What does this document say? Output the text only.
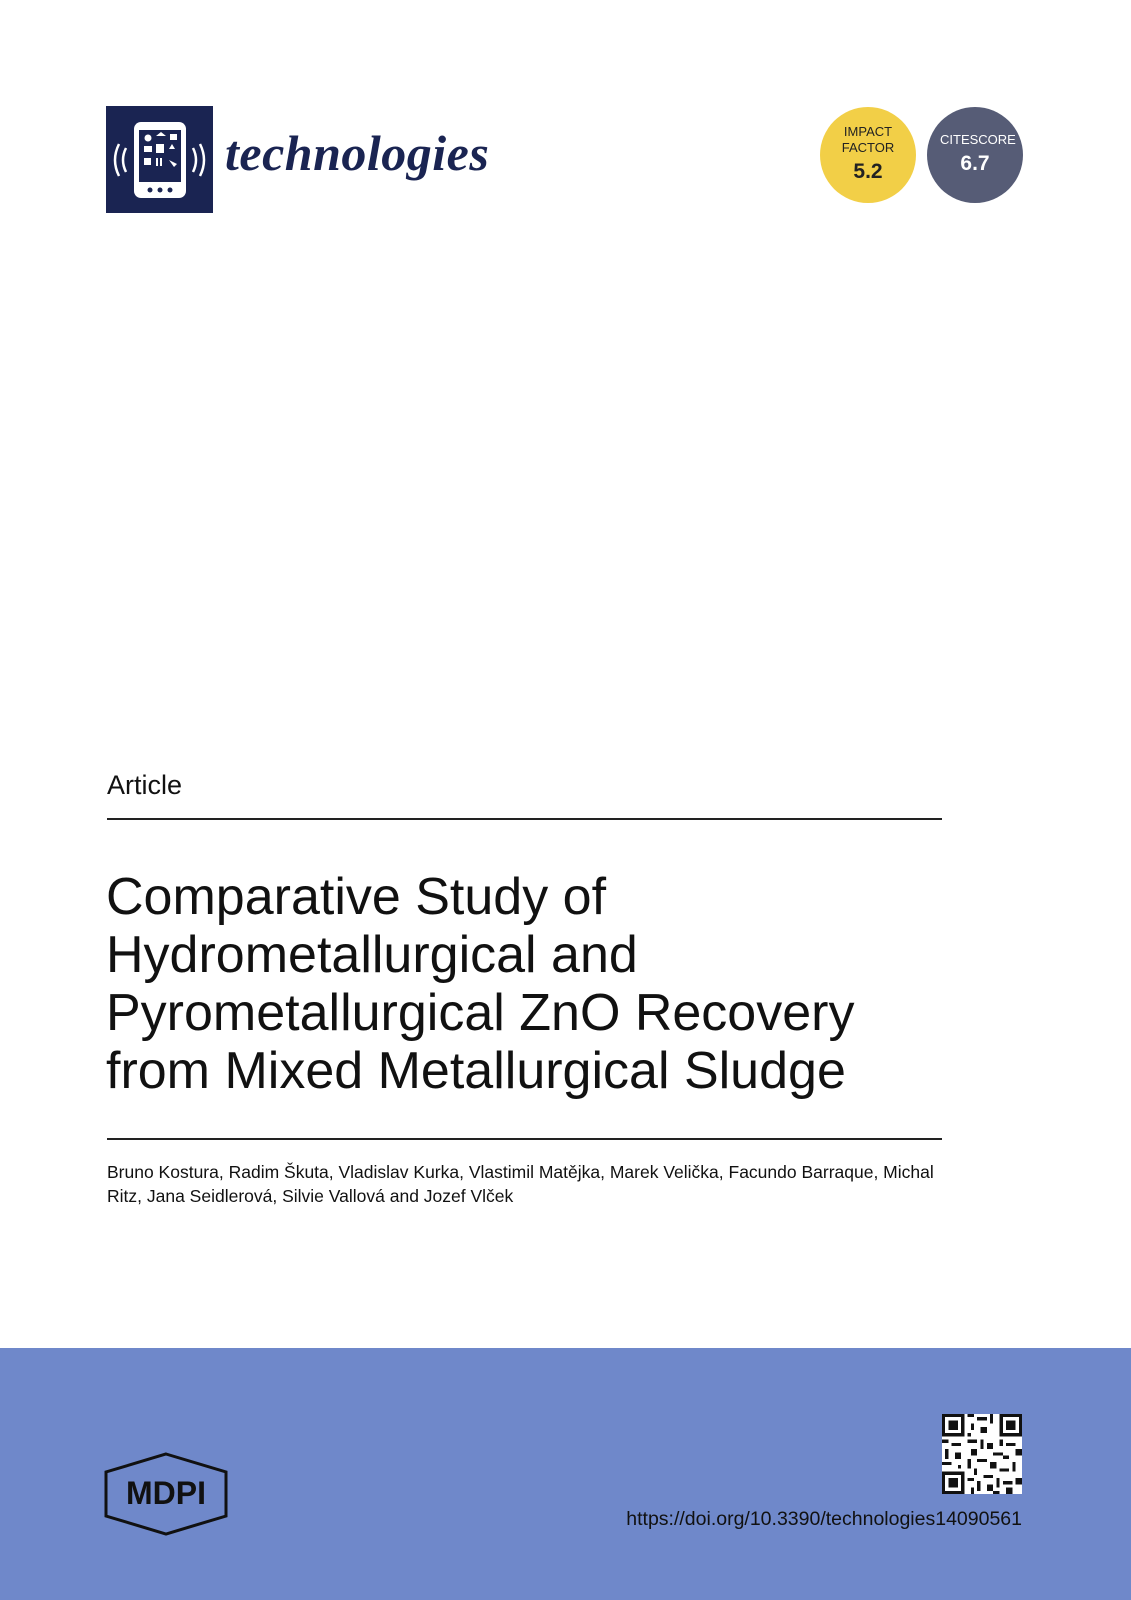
technologies	IMPACT FACTOR
5.2
CITESCORE
6.7
Article
Comparative Study of Hydrometallurgical and Pyrometallurgical ZnO Recovery from Mixed Metallurgical Sludge
Bruno Kostura, Radim Škuta, Vladislav Kurka, Vlastimil Matějka, Marek Velička, Facundo Barraque, Michal Ritz, Jana Seidlerová, Silvie Vallová and Jozef Vlček
MDPI
https://doi.org/10.3390/technologies14090561
